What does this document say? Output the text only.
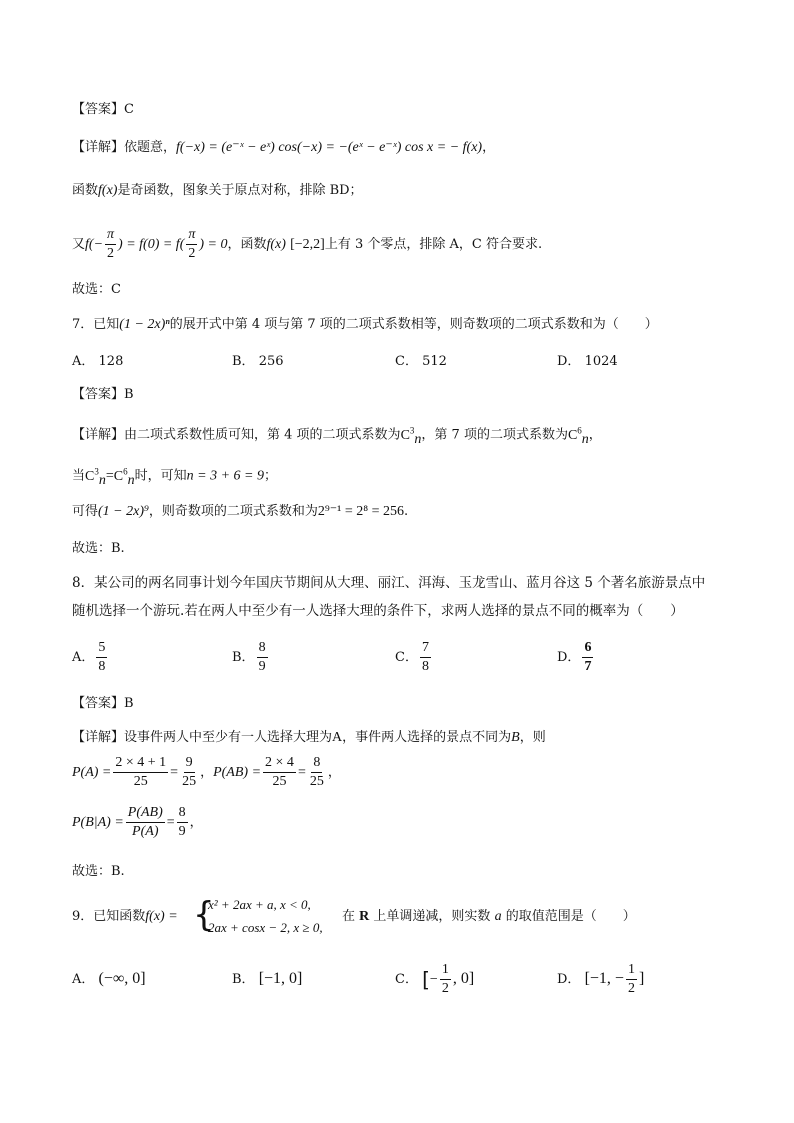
【答案】C
【详解】依题意，f(−x) = (e⁻ˣ − eˣ) cos(−x) = −(eˣ − e⁻ˣ) cos x = − f(x)，
函数f(x)是奇函数，图象关于原点对称，排除 BD；
又$f(- \frac{\pi}{2}$ ) = $f(0) = f( \frac{\pi}{2}$ ) = 0，函数f(x) [−2,2]上有 3 个零点，排除 A，C 符合要求.
故选：C
7．已知(1 − 2x)ⁿ的展开式中第 4 项与第 7 项的二项式系数相等，则奇数项的二项式系数和为（　　）
A． 128	B． 256	C． 512	D． 1024
【答案】B
【详解】由二项式系数性质可知，第 4 项的二项式系数为$C^3_n$，第 7 项的二项式系数为$C^6_n$，
当$C^3_n=C^6_n$时，可知n = 3 + 6 = 9；
可得(1 − 2x)⁹，则奇数项的二项式系数和为2⁹⁻¹ = 2⁸ = 256.
故选：B.
8．某公司的两名同事计划今年国庆节期间从大理、丽江、洱海、玉龙雪山、蓝月谷这 5 个著名旅游景点中
随机选择一个游玩.若在两人中至少有一人选择大理的条件下，求两人选择的景点不同的概率为（　　）
A． $\frac{5}{8}$	B． $\frac{8}{9}$	C． $\frac{7}{8}$	D． $\frac{6}{7}$
【答案】B
【详解】设事件两人中至少有一人选择大理为A，事件两人选择的景点不同为B，则
$P(A) = \frac{2 \times 4 + 1}{25} = \frac{9}{25}$ ，$P(AB) = \frac{2 \times 4}{25} = \frac{8}{25}$ ，
$P(B|A) = \frac{P(AB)}{P(A)} = \frac{8}{9}$ ，
故选：B.
9．已知函数f(x) = {
x² + 2ax + a, x < 0,
2ax + cosx − 2, x ≥ 0,
在 R 上单调递减，则实数 a 的取值范围是（　　）
A． (−∞, 0]	B． [−1, 0]	C． [− $\frac{1}{2}$ , 0]	D． [−1, − $\frac{1}{2}$ ]
